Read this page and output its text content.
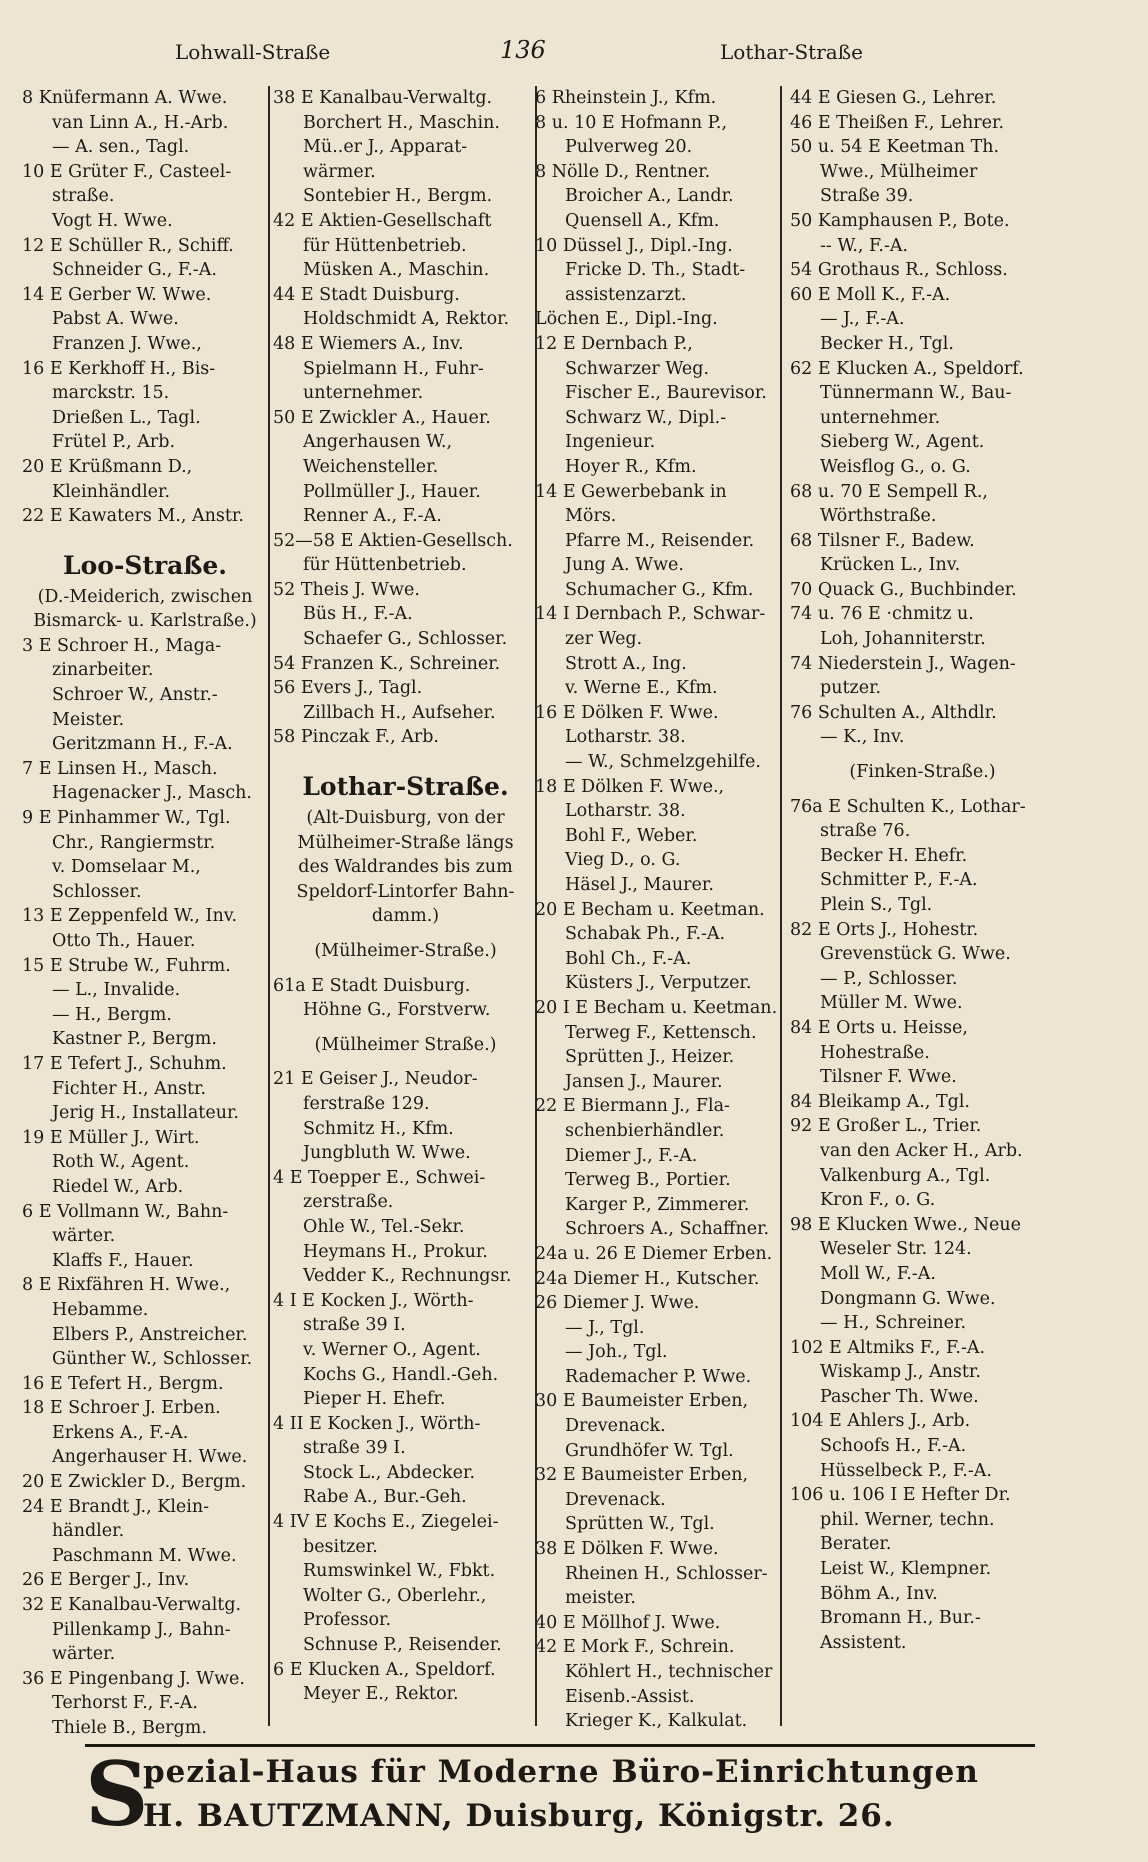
Lohwall-Straße	136	Lothar-Straße
8 Knüfermann A. Wwe.
van Linn A., H.-Arb.
— A. sen., Tagl.
10 E Grüter F., Casteel-
straße.
Vogt H. Wwe.
12 E Schüller R., Schiff.
Schneider G., F.-A.
14 E Gerber W. Wwe.
Pabst A. Wwe.
Franzen J. Wwe.,
16 E Kerkhoff H., Bis-
marckstr. 15.
Drießen L., Tagl.
Frütel P., Arb.
20 E Krüßmann D.,
Kleinhändler.
22 E Kawaters M., Anstr.
Loo-Straße.
(D.-Meiderich, zwischen
Bismarck- u. Karlstraße.)
3 E Schroer H., Maga-
zinarbeiter.
Schroer W., Anstr.-
Meister.
Geritzmann H., F.-A.
7 E Linsen H., Masch.
Hagenacker J., Masch.
9 E Pinhammer W., Tgl.
Chr., Rangiermstr.
v. Domselaar M.,
Schlosser.
13 E Zeppenfeld W., Inv.
Otto Th., Hauer.
15 E Strube W., Fuhrm.
— L., Invalide.
— H., Bergm.
Kastner P., Bergm.
17 E Tefert J., Schuhm.
Fichter H., Anstr.
Jerig H., Installateur.
19 E Müller J., Wirt.
Roth W., Agent.
Riedel W., Arb.
6 E Vollmann W., Bahn-
wärter.
Klaffs F., Hauer.
8 E Rixfähren H. Wwe.,
Hebamme.
Elbers P., Anstreicher.
Günther W., Schlosser.
16 E Tefert H., Bergm.
18 E Schroer J. Erben.
Erkens A., F.-A.
Angerhauser H. Wwe.
20 E Zwickler D., Bergm.
24 E Brandt J., Klein-
händler.
Paschmann M. Wwe.
26 E Berger J., Inv.
32 E Kanalbau-Verwaltg.
Pillenkamp J., Bahn-
wärter.
36 E Pingenbang J. Wwe.
Terhorst F., F.-A.
Thiele B., Bergm.
38 E Kanalbau-Verwaltg.
Borchert H., Maschin.
Mü..er J., Apparat-
wärmer.
Sontebier H., Bergm.
42 E Aktien-Gesellschaft
für Hüttenbetrieb.
Müsken A., Maschin.
44 E Stadt Duisburg.
Holdschmidt A, Rektor.
48 E Wiemers A., Inv.
Spielmann H., Fuhr-
unternehmer.
50 E Zwickler A., Hauer.
Angerhausen W.,
Weichensteller.
Pollmüller J., Hauer.
Renner A., F.-A.
52—58 E Aktien-Gesellsch.
für Hüttenbetrieb.
52 Theis J. Wwe.
Büs H., F.-A.
Schaefer G., Schlosser.
54 Franzen K., Schreiner.
56 Evers J., Tagl.
Zillbach H., Aufseher.
58 Pinczak F., Arb.
Lothar-Straße.
(Alt-Duisburg, von der
Mülheimer-Straße längs
des Waldrandes bis zum
Speldorf-Lintorfer Bahn-
damm.)
(Mülheimer-Straße.)
61a E Stadt Duisburg.
Höhne G., Forstverw.
(Mülheimer Straße.)
21 E Geiser J., Neudor-
ferstraße 129.
Schmitz H., Kfm.
Jungbluth W. Wwe.
4 E Toepper E., Schwei-
zerstraße.
Ohle W., Tel.-Sekr.
Heymans H., Prokur.
Vedder K., Rechnungsr.
4 I E Kocken J., Wörth-
straße 39 I.
v. Werner O., Agent.
Kochs G., Handl.-Geh.
Pieper H. Ehefr.
4 II E Kocken J., Wörth-
straße 39 I.
Stock L., Abdecker.
Rabe A., Bur.-Geh.
4 IV E Kochs E., Ziegelei-
besitzer.
Rumswinkel W., Fbkt.
Wolter G., Oberlehr.,
Professor.
Schnuse P., Reisender.
6 E Klucken A., Speldorf.
Meyer E., Rektor.
6 Rheinstein J., Kfm.
8 u. 10 E Hofmann P.,
Pulverweg 20.
8 Nölle D., Rentner.
Broicher A., Landr.
Quensell A., Kfm.
10 Düssel J., Dipl.-Ing.
Fricke D. Th., Stadt-
assistenzarzt.
Löchen E., Dipl.-Ing.
12 E Dernbach P.,
Schwarzer Weg.
Fischer E., Baurevisor.
Schwarz W., Dipl.-
Ingenieur.
Hoyer R., Kfm.
14 E Gewerbebank in
Mörs.
Pfarre M., Reisender.
Jung A. Wwe.
Schumacher G., Kfm.
14 I Dernbach P., Schwar-
zer Weg.
Strott A., Ing.
v. Werne E., Kfm.
16 E Dölken F. Wwe.
Lotharstr. 38.
— W., Schmelzgehilfe.
18 E Dölken F. Wwe.,
Lotharstr. 38.
Bohl F., Weber.
Vieg D., o. G.
Häsel J., Maurer.
20 E Becham u. Keetman.
Schabak Ph., F.-A.
Bohl Ch., F.-A.
Küsters J., Verputzer.
20 I E Becham u. Keetman.
Terweg F., Kettensch.
Sprütten J., Heizer.
Jansen J., Maurer.
22 E Biermann J., Fla-
schenbierhändler.
Diemer J., F.-A.
Terweg B., Portier.
Karger P., Zimmerer.
Schroers A., Schaffner.
24a u. 26 E Diemer Erben.
24a Diemer H., Kutscher.
26 Diemer J. Wwe.
— J., Tgl.
— Joh., Tgl.
Rademacher P. Wwe.
30 E Baumeister Erben,
Drevenack.
Grundhöfer W. Tgl.
32 E Baumeister Erben,
Drevenack.
Sprütten W., Tgl.
38 E Dölken F. Wwe.
Rheinen H., Schlosser-
meister.
40 E Möllhof J. Wwe.
42 E Mork F., Schrein.
Köhlert H., technischer
Eisenb.-Assist.
Krieger K., Kalkulat.
44 E Giesen G., Lehrer.
46 E Theißen F., Lehrer.
50 u. 54 E Keetman Th.
Wwe., Mülheimer
Straße 39.
50 Kamphausen P., Bote.
-- W., F.-A.
54 Grothaus R., Schloss.
60 E Moll K., F.-A.
— J., F.-A.
Becker H., Tgl.
62 E Klucken A., Speldorf.
Tünnermann W., Bau-
unternehmer.
Sieberg W., Agent.
Weisflog G., o. G.
68 u. 70 E Sempell R.,
Wörthstraße.
68 Tilsner F., Badew.
Krücken L., Inv.
70 Quack G., Buchbinder.
74 u. 76 E ·chmitz u.
Loh, Johanniterstr.
74 Niederstein J., Wagen-
putzer.
76 Schulten A., Althdlr.
— K., Inv.
(Finken-Straße.)
76a E Schulten K., Lothar-
straße 76.
Becker H. Ehefr.
Schmitter P., F.-A.
Plein S., Tgl.
82 E Orts J., Hohestr.
Grevenstück G. Wwe.
— P., Schlosser.
Müller M. Wwe.
84 E Orts u. Heisse,
Hohestraße.
Tilsner F. Wwe.
84 Bleikamp A., Tgl.
92 E Großer L., Trier.
van den Acker H., Arb.
Valkenburg A., Tgl.
Kron F., o. G.
98 E Klucken Wwe., Neue
Weseler Str. 124.
Moll W., F.-A.
Dongmann G. Wwe.
— H., Schreiner.
102 E Altmiks F., F.-A.
Wiskamp J., Anstr.
Pascher Th. Wwe.
104 E Ahlers J., Arb.
Schoofs H., F.-A.
Hüsselbeck P., F.-A.
106 u. 106 I E Hefter Dr.
phil. Werner, techn.
Berater.
Leist W., Klempner.
Böhm A., Inv.
Bromann H., Bur.-
Assistent.
S
pezial-Haus für Moderne Büro-Einrichtungen
H. BAUTZMANN, Duisburg, Königstr. 26.
